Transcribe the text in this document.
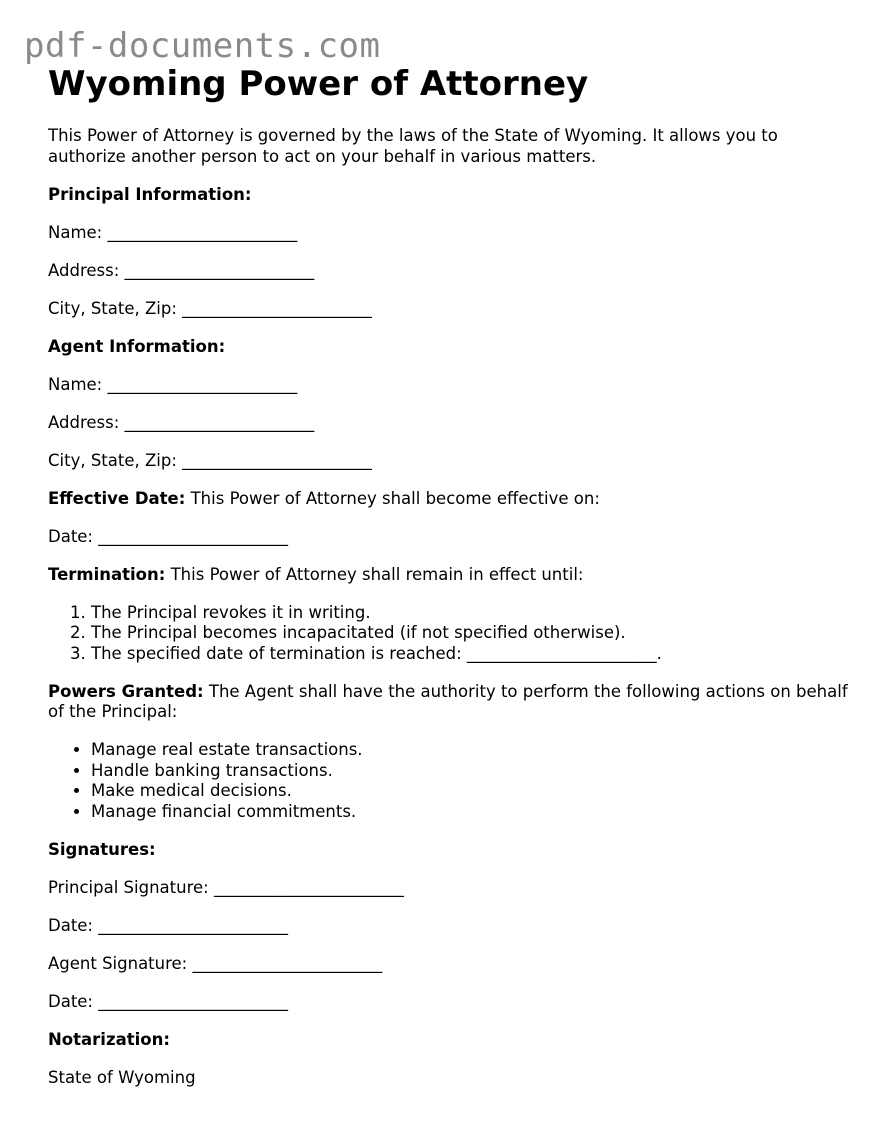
pdf-documents.com
Wyoming Power of Attorney

This Power of Attorney is governed by the laws of the State of Wyoming. It allows you to authorize another person to act on your behalf in various matters.

Principal Information:

Name: _______________________

Address: _______________________

City, State, Zip: _______________________

Agent Information:

Name: _______________________

Address: _______________________

City, State, Zip: _______________________

Effective Date: This Power of Attorney shall become effective on:

Date: _______________________

Termination: This Power of Attorney shall remain in effect until:

1. The Principal revokes it in writing.
2. The Principal becomes incapacitated (if not specified otherwise).
3. The specified date of termination is reached: _______________________.

Powers Granted: The Agent shall have the authority to perform the following actions on behalf of the Principal:

• Manage real estate transactions.
• Handle banking transactions.
• Make medical decisions.
• Manage financial commitments.

Signatures:

Principal Signature: _______________________

Date: _______________________

Agent Signature: _______________________

Date: _______________________

Notarization:

State of Wyoming
